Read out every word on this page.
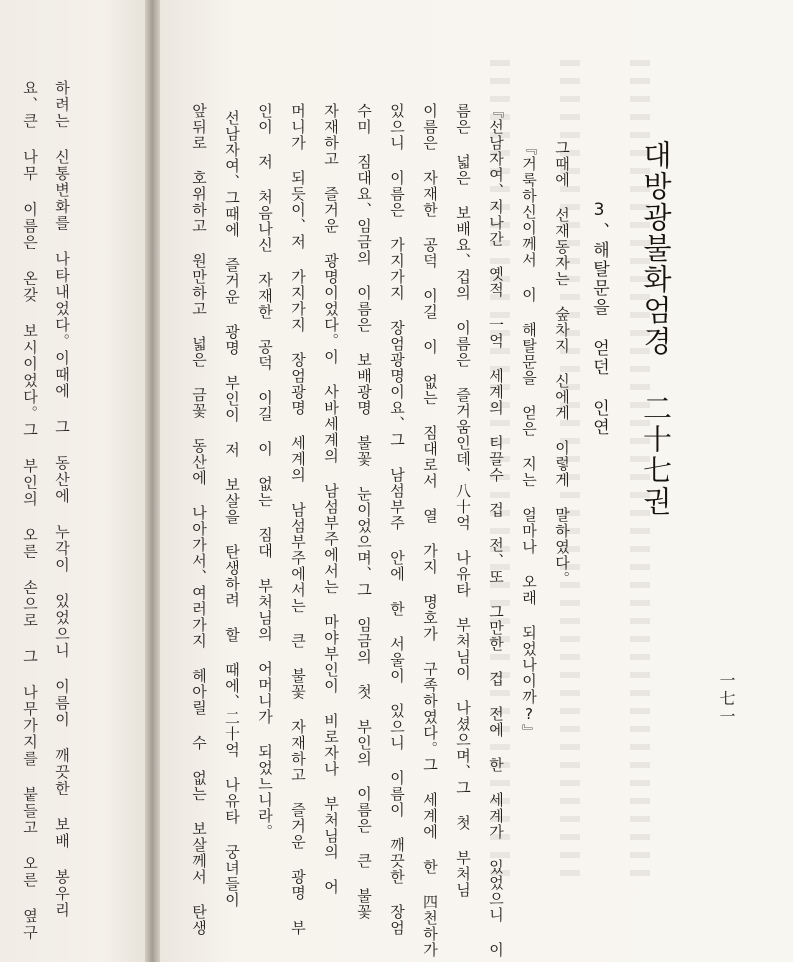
하려는 신통변화를 나타내었다。이때에 그 동산에 누각이 있었으니 이름이 깨끗한 보배 봉우리
요、큰 나무 이름은 온갖 보시이었다。그 부인의 오른 손으로 그 나무가지를 붙들고 오른 옆구	대방광불화엄경 二十七권
3、해탈문을 얻던 인연
一七一
그때에 선재동자는 숲차지 신에게 이렇게 말하였다。
『거룩하신이께서 이 해탈문을 얻은 지는 얼마나 오래 되었나이까?』
『선남자여、지나간 옛적 一억 세계의 티끌수 겁 전、또 그만한 겁 전에 한 세계가 있었으니 이
름은 넓은 보배요、겁의 이름은 즐거움인데、八十억 나유타 부처님이 나셨으며、그 첫 부처님
이름은 자재한 공덕 이길 이 없는 짐대로서 열 가지 명호가 구족하였다。그 세계에 한 四천하가
있으니 이름은 가지가지 장엄광명이요、그 남섬부주 안에 한 서울이 있으니 이름이 깨끗한 장엄
수미 짐대요、임금의 이름은 보배광명 불꽃 눈이었으며、그 임금의 첫 부인의 이름은 큰 불꽃
자재하고 즐거운 광명이었다。이 사바세계의 남섬부주에서는 마야부인이 비로자나 부처님의 어
머니가 되듯이、저 가지가지 장엄광명 세계의 남섬부주에서는 큰 불꽃 자재하고 즐거운 광명 부
인이 저 처음나신 자재한 공덕 이길 이 없는 짐대 부처님의 어머니가 되었느니라。
선남자여、그때에 즐거운 광명 부인이 저 보살을 탄생하려 할 때에、二十억 나유타 궁녀들이
앞뒤로 호위하고 원만하고 넓은 금꽃 동산에 나아가서、여러가지 헤아릴 수 없는 보살께서 탄생
